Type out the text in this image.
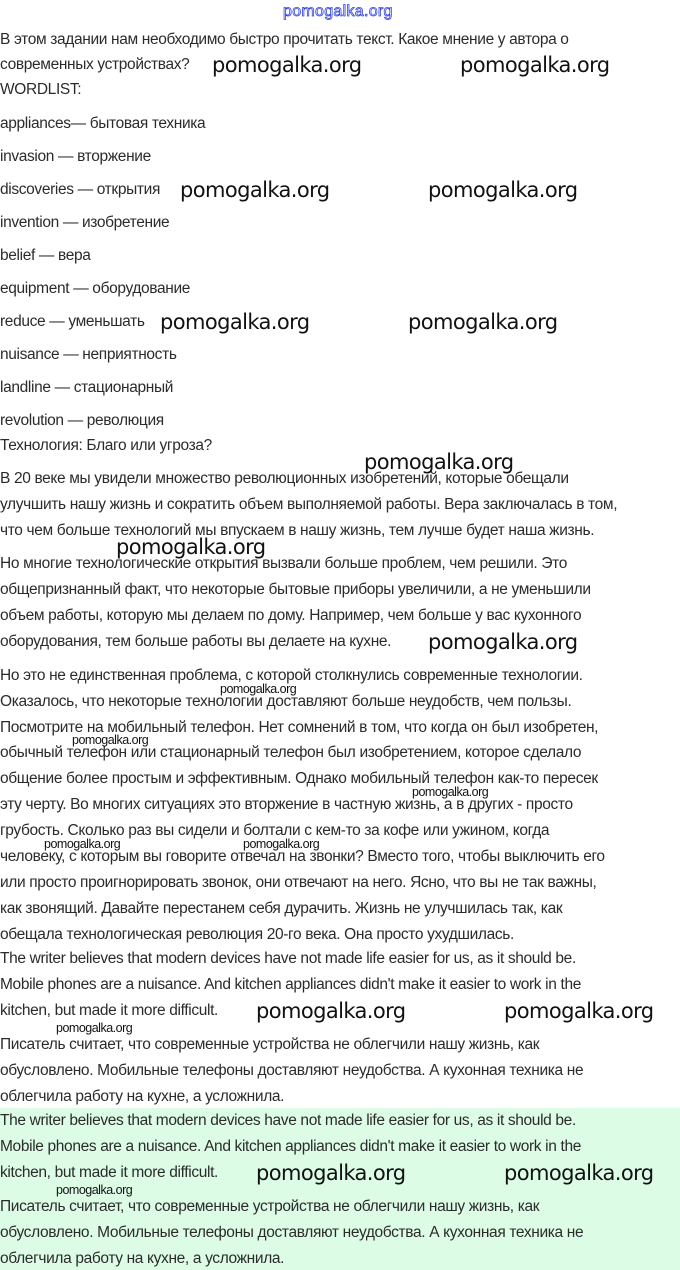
pomogalka.org
В этом задании нам необходимо быстро прочитать текст. Какое мнение у автора о
современных устройствах?
WORDLIST:
appliances— бытовая техника
invasion — вторжение
discoveries — открытия
invention — изобретение
belief — вера
equipment — оборудование
reduce — уменьшать
nuisance — неприятность
landline — стационарный
revolution — революция
Технология: Благо или угроза?
В 20 веке мы увидели множество революционных изобретений, которые обещали
улучшить нашу жизнь и сократить объем выполняемой работы. Вера заключалась в том,
что чем больше технологий мы впускаем в нашу жизнь, тем лучше будет наша жизнь.
Но многие технологические открытия вызвали больше проблем, чем решили. Это
общепризнанный факт, что некоторые бытовые приборы увеличили, а не уменьшили
объем работы, которую мы делаем по дому. Например, чем больше у вас кухонного
оборудования, тем больше работы вы делаете на кухне.
Но это не единственная проблема, с которой столкнулись современные технологии.
Оказалось, что некоторые технологии доставляют больше неудобств, чем пользы.
Посмотрите на мобильный телефон. Нет сомнений в том, что когда он был изобретен,
обычный телефон или стационарный телефон был изобретением, которое сделало
общение более простым и эффективным. Однако мобильный телефон как-то пересек
эту черту. Во многих ситуациях это вторжение в частную жизнь, а в других - просто
грубость. Сколько раз вы сидели и болтали с кем-то за кофе или ужином, когда
человеку, с которым вы говорите отвечал на звонки? Вместо того, чтобы выключить его
или просто проигнорировать звонок, они отвечают на него. Ясно, что вы не так важны,
как звонящий. Давайте перестанем себя дурачить. Жизнь не улучшилась так, как
обещала технологическая революция 20-го века. Она просто ухудшилась.
The writer believes that modern devices have not made life easier for us, as it should be.
Mobile phones are a nuisance. And kitchen appliances didn't make it easier to work in the
kitchen, but made it more difficult.
Писатель считает, что современные устройства не облегчили нашу жизнь, как
обусловлено. Мобильные телефоны доставляют неудобства. А кухонная техника не
облегчила работу на кухне, а усложнила.
The writer believes that modern devices have not made life easier for us, as it should be.
Mobile phones are a nuisance. And kitchen appliances didn't make it easier to work in the
kitchen, but made it more difficult.
Писатель считает, что современные устройства не облегчили нашу жизнь, как
обусловлено. Мобильные телефоны доставляют неудобства. А кухонная техника не
облегчила работу на кухне, а усложнила.
pomogalka.org	pomogalka.org
pomogalka.org	pomogalka.org
pomogalka.org	pomogalka.org
pomogalka.org
pomogalka.org
pomogalka.org
pomogalka.org	pomogalka.org
pomogalka.org	pomogalka.org
pomogalka.org
pomogalka.org
pomogalka.org
pomogalka.org	pomogalka.org
pomogalka.org
pomogalka.org
